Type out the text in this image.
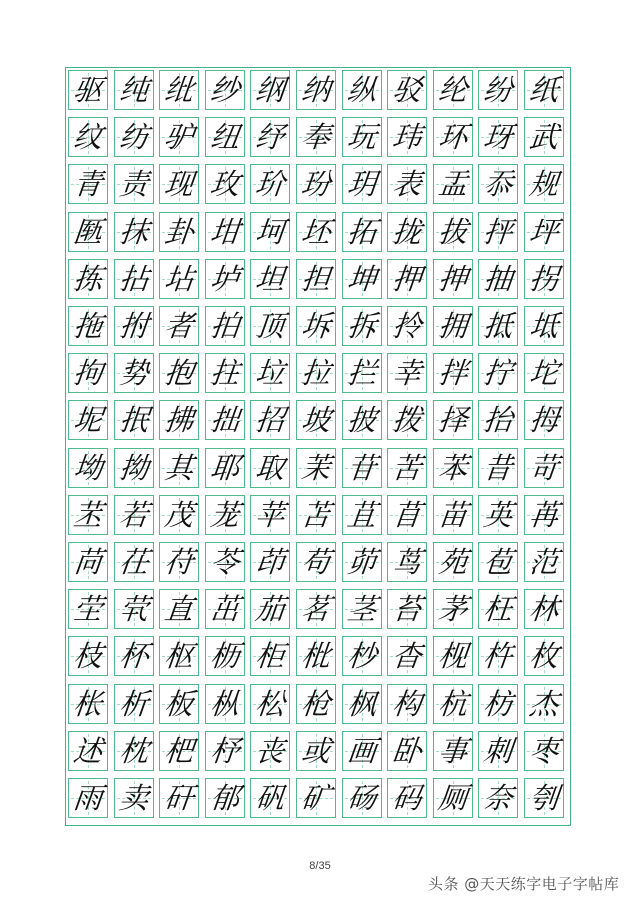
驱 纯 纰 纱 纲 纳 纵 驳 纶 纷 纸
纹 纺 驴 纽 纾 奉 玩 玮 环 玡 武
青 责 现 玫 玠 玢 玥 表 盂 忝 规
匦 抹 卦 坩 坷 坯 拓 拢 拔 抨 坪
拣 拈 坫 垆 坦 担 坤 押 抻 抽 拐
拖 拊 者 拍 顶 坼 拆 拎 拥 抵 坻
拘 势 抱 拄 垃 拉 拦 幸 拌 拧 坨
坭 抿 拂 拙 招 坡 披 拨 择 抬 拇
坳 拗 其 耶 取 茉 苷 苦 苯 昔 苛
苤 若 茂 茏 苹 苫 苴 苜 苗 英 苒
苘 茌 苻 苓 茚 苟 茆 茑 苑 苞 范
茔 茕 直 茁 茄 茗 茎 苔 茅 枉 林
枝 杯 枢 枥 柜 枇 杪 杳 枧 杵 枚
枨 析 板 枞 松 枪 枫 构 杭 枋 杰
述 枕 杷 杼 丧 或 画 卧 事 刺 枣
雨 卖 矸 郁 矾 矿 砀 码 厕 奈 刳
8/35
头条 @天天练字电子字帖库
